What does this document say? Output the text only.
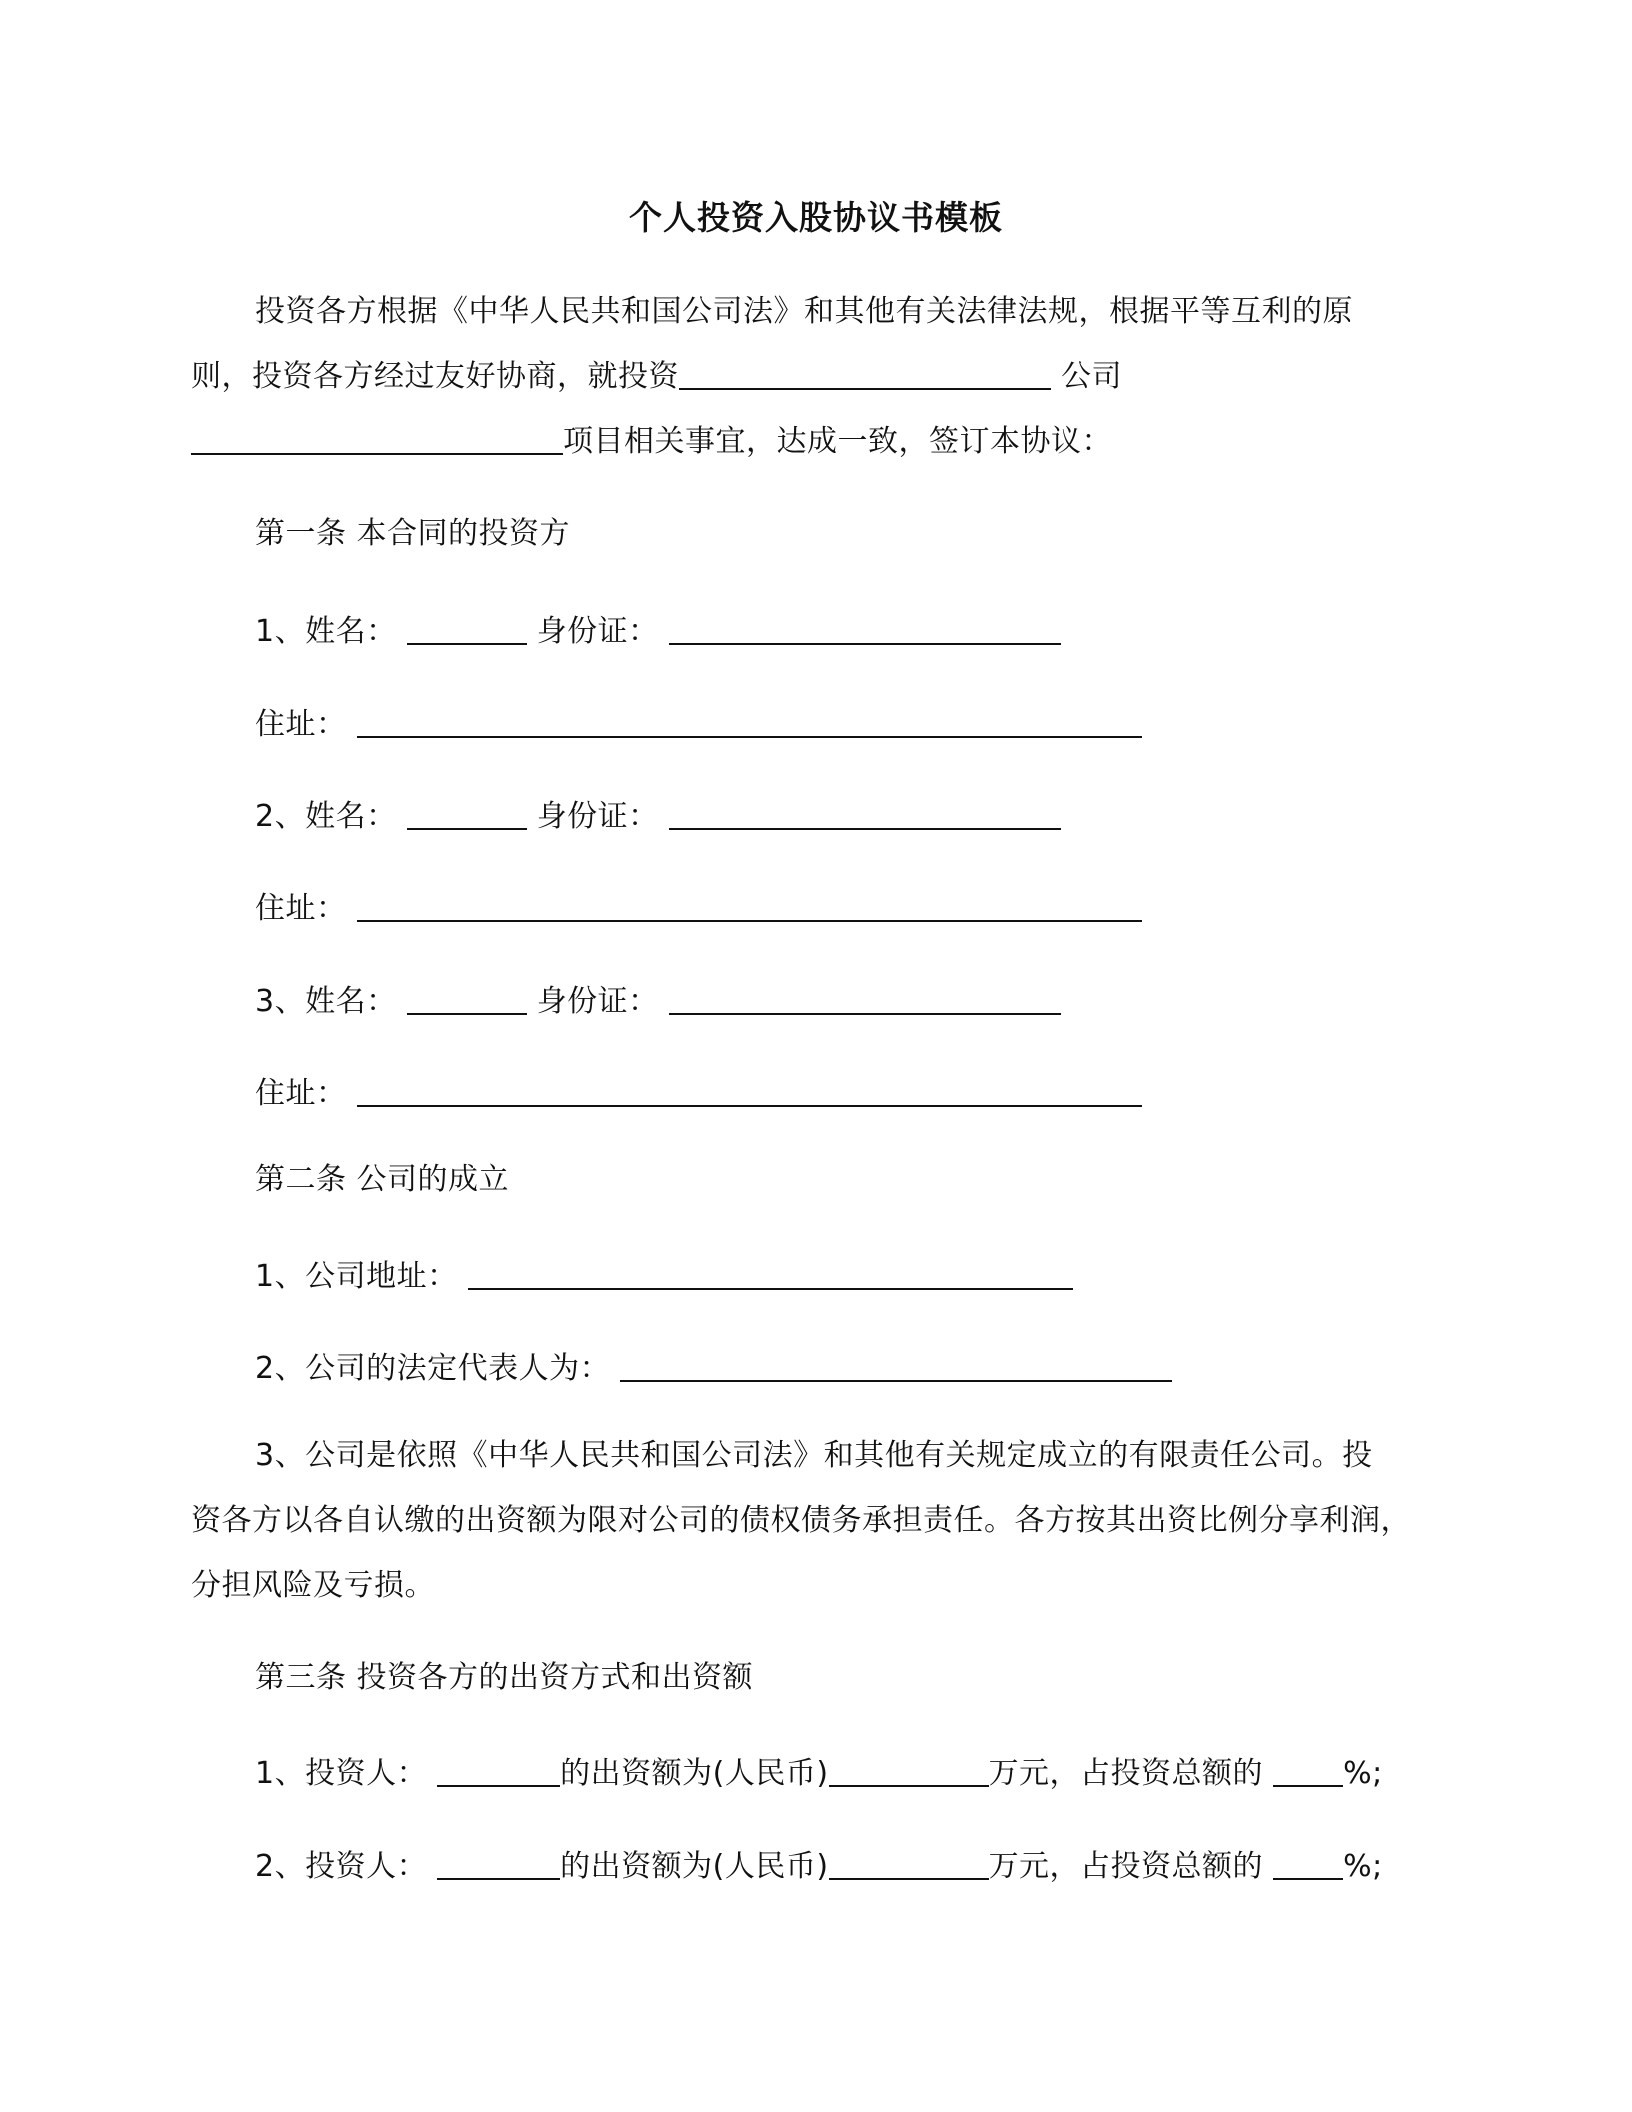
个人投资入股协议书模板
投资各方根据《中华人民共和国公司法》和其他有关法律法规，根据平等互利的原
则，投资各方经过友好协商，就投资	公司
项目相关事宜，达成一致，签订本协议：
第一条 本合同的投资方
1、姓名：	身份证：
住址：
2、姓名：	身份证：
住址：
3、姓名：	身份证：
住址：
第二条 公司的成立
1、公司地址：
2、公司的法定代表人为：
3、公司是依照《中华人民共和国公司法》和其他有关规定成立的有限责任公司。投
资各方以各自认缴的出资额为限对公司的债权债务承担责任。各方按其出资比例分享利润，
分担风险及亏损。
第三条 投资各方的出资方式和出资额
1、投资人：	的出资额为(人民币)	万元，占投资总额的	%;
2、投资人：	的出资额为(人民币)	万元，占投资总额的	%;
